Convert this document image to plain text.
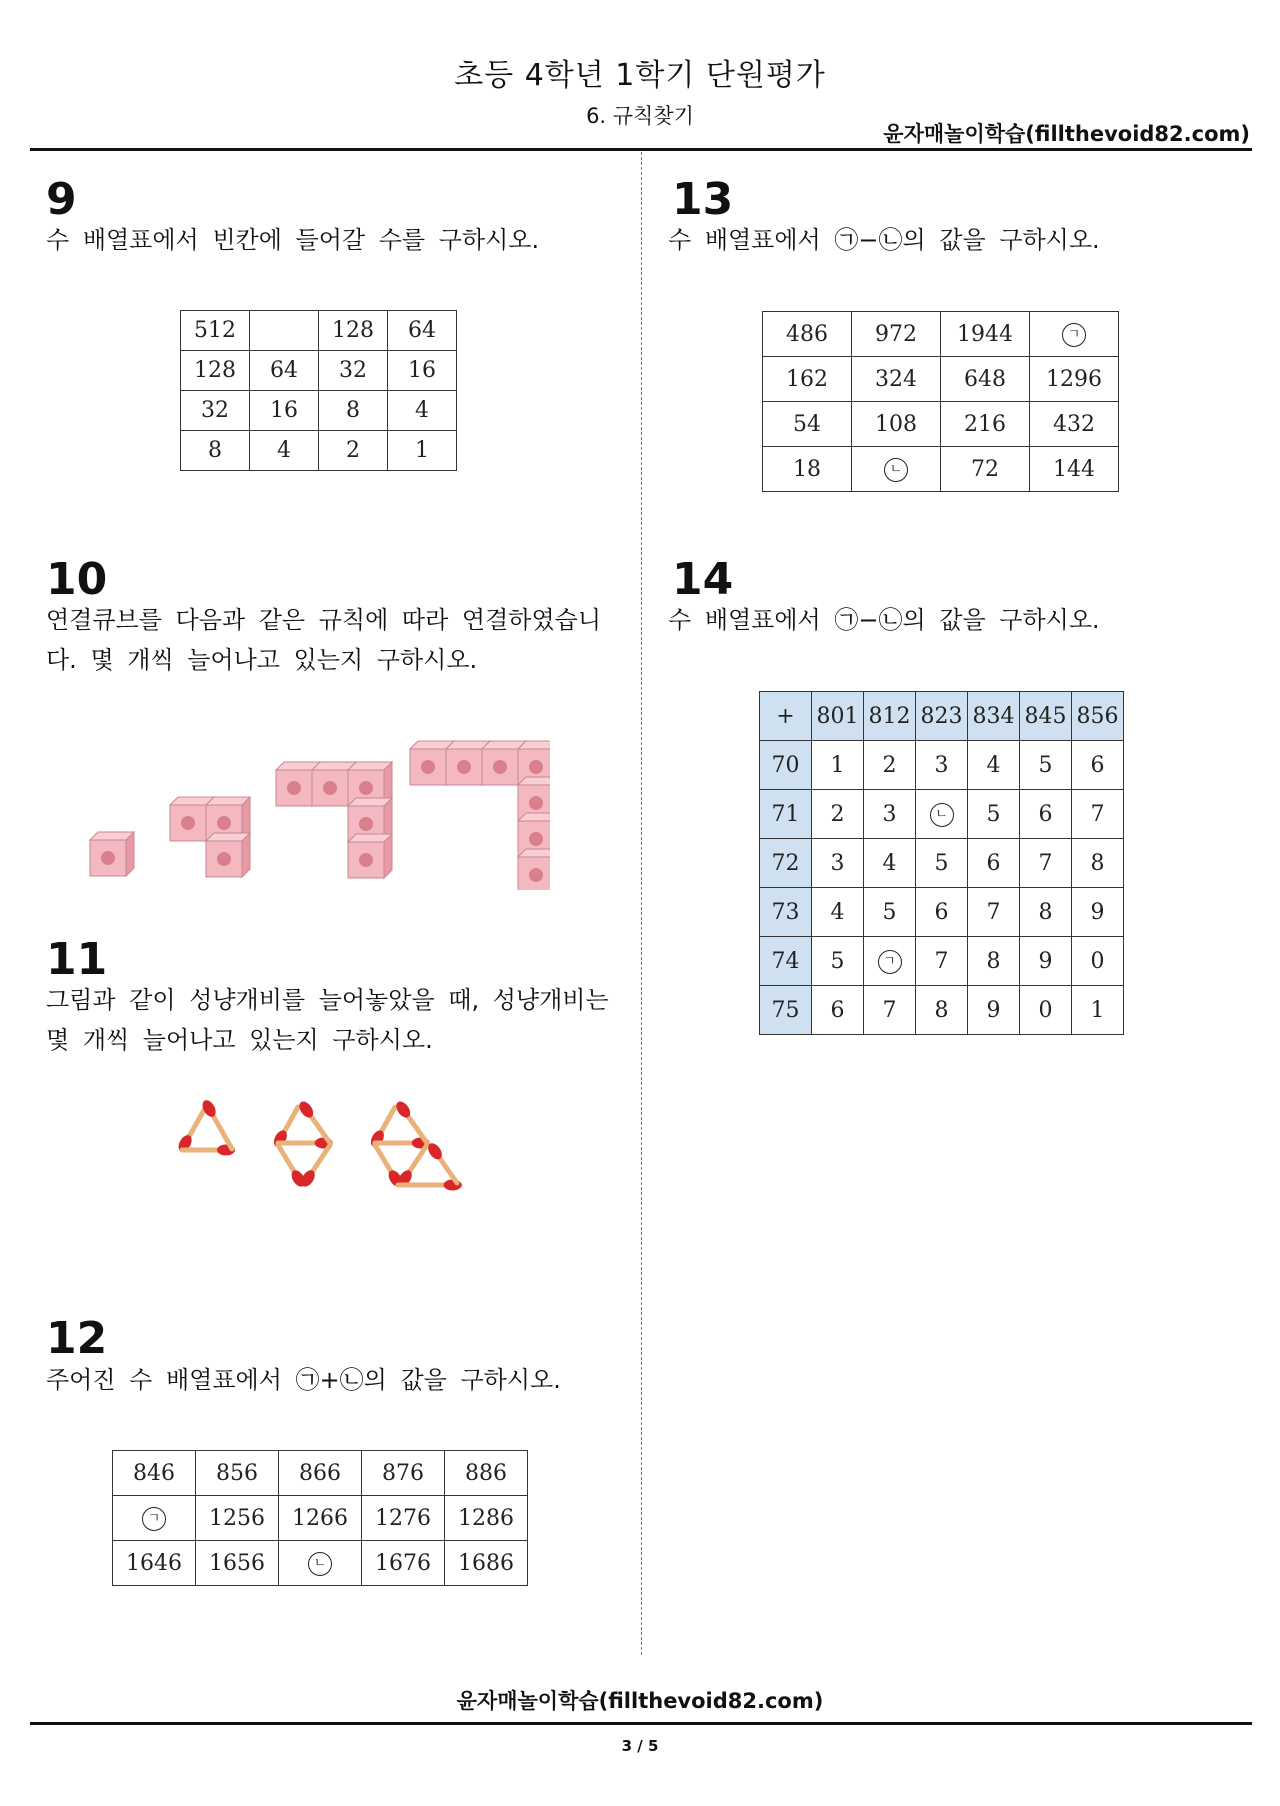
초등 4학년 1학기 단원평가
6. 규칙찾기
윤자매놀이학습(fillthevoid82.com)
9
수 배열표에서 빈칸에 들어갈 수를 구하시오.
512		128	64
128	64	32	16
32	16	8	4
8	4	2	1
10
연결큐브를 다음과 같은 규칙에 따라 연결하였습니
다. 몇 개씩 늘어나고 있는지 구하시오.
11
그림과 같이 성냥개비를 늘어놓았을 때, 성냥개비는
몇 개씩 늘어나고 있는지 구하시오.
12
주어진 수 배열표에서 ㉠+㉡의 값을 구하시오.
846	856	866	876	886
ㄱ	1256	1266	1276	1286
1646	1656	ㄴ	1676	1686
13
수 배열표에서 ㉠−㉡의 값을 구하시오.
486	972	1944	ㄱ
162	324	648	1296
54	108	216	432
18	ㄴ	72	144
14
수 배열표에서 ㉠−㉡의 값을 구하시오.
+	801	812	823	834	845	856
70	1	2	3	4	5	6
71	2	3	ㄴ	5	6	7
72	3	4	5	6	7	8
73	4	5	6	7	8	9
74	5	ㄱ	7	8	9	0
75	6	7	8	9	0	1
윤자매놀이학습(fillthevoid82.com)
3 / 5
